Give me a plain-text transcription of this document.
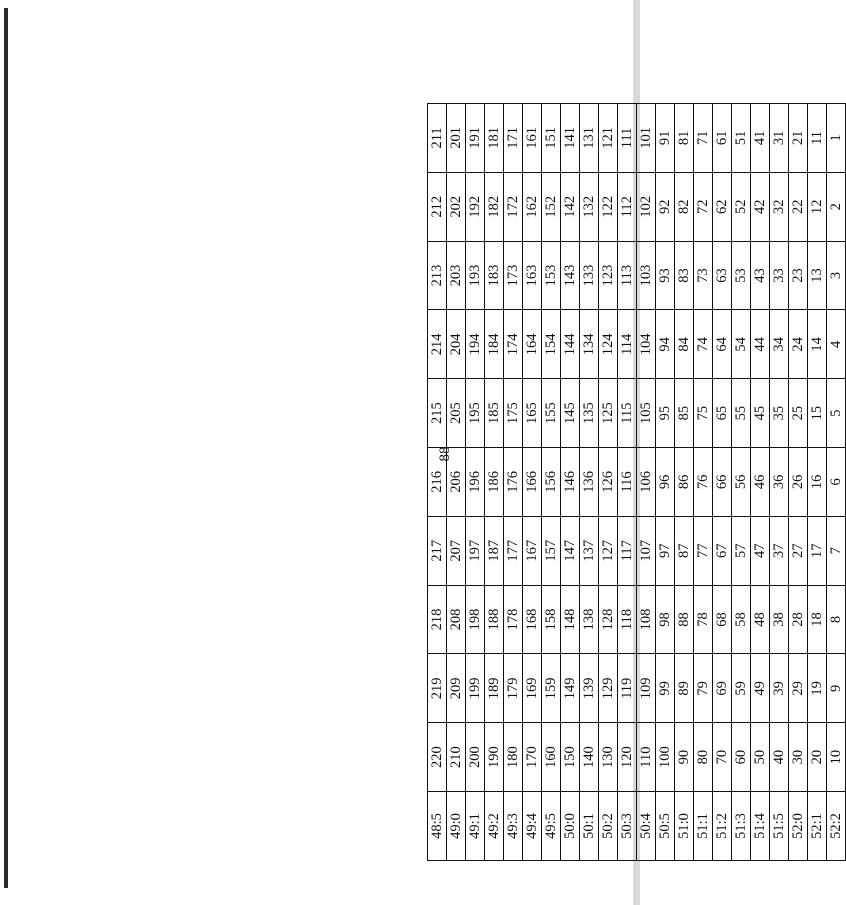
88
48:5	220	219	218	217	216	215	214	213	212	211
49:0	210	209	208	207	206	205	204	203	202	201
49:1	200	199	198	197	196	195	194	193	192	191
49:2	190	189	188	187	186	185	184	183	182	181
49:3	180	179	178	177	176	175	174	173	172	171
49:4	170	169	168	167	166	165	164	163	162	161
49:5	160	159	158	157	156	155	154	153	152	151
50:0	150	149	148	147	146	145	144	143	142	141
50:1	140	139	138	137	136	135	134	133	132	131
50:2	130	129	128	127	126	125	124	123	122	121
50:3	120	119	118	117	116	115	114	113	112	111
50:4	110	109	108	107	106	105	104	103	102	101
50:5	100	99	98	97	96	95	94	93	92	91
51:0	90	89	88	87	86	85	84	83	82	81
51:1	80	79	78	77	76	75	74	73	72	71
51:2	70	69	68	67	66	65	64	63	62	61
51:3	60	59	58	57	56	55	54	53	52	51
51:4	50	49	48	47	46	45	44	43	42	41
51:5	40	39	38	37	36	35	34	33	32	31
52:0	30	29	28	27	26	25	24	23	22	21
52:1	20	19	18	17	16	15	14	13	12	11
52:2	10	9	8	7	6	5	4	3	2	1
